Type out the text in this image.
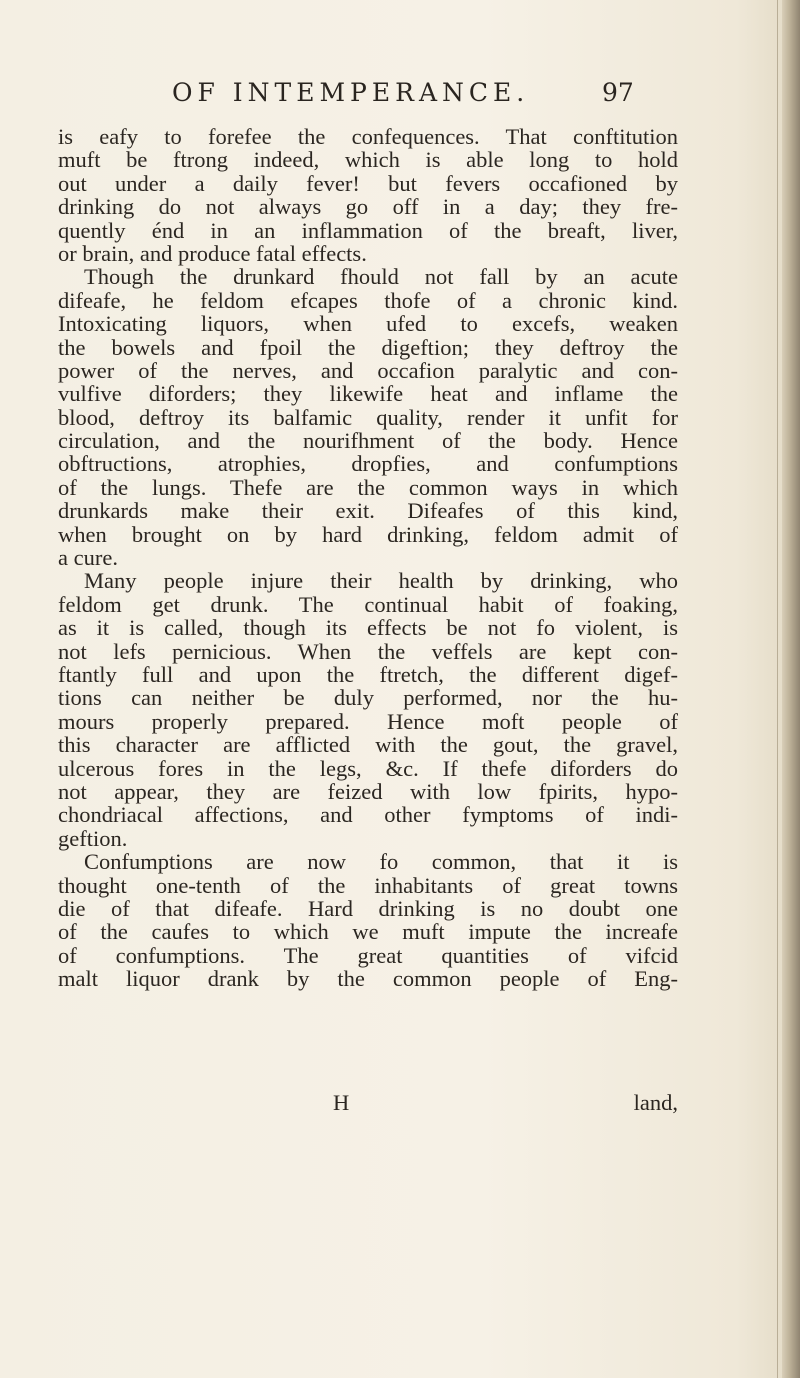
OF INTEMPERANCE.	97
is eafy to forefee the confequences. That conftitution
muft be ftrong indeed, which is able long to hold
out under a daily fever! but fevers occafioned by
drinking do not always go off in a day; they fre-
quently énd in an inflammation of the breaft, liver,
or brain, and produce fatal effects.
Though the drunkard fhould not fall by an acute
difeafe, he feldom efcapes thofe of a chronic kind.
Intoxicating liquors, when ufed to excefs, weaken
the bowels and fpoil the digeftion; they deftroy the
power of the nerves, and occafion paralytic and con-
vulfive diforders; they likewife heat and inflame the
blood, deftroy its balfamic quality, render it unfit for
circulation, and the nourifhment of the body. Hence
obftructions, atrophies, dropfies, and confumptions
of the lungs. Thefe are the common ways in which
drunkards make their exit. Difeafes of this kind,
when brought on by hard drinking, feldom admit of
a cure.
Many people injure their health by drinking, who
feldom get drunk. The continual habit of foaking,
as it is called, though its effects be not fo violent, is
not lefs pernicious. When the veffels are kept con-
ftantly full and upon the ftretch, the different digef-
tions can neither be duly performed, nor the hu-
mours properly prepared. Hence moft people of
this character are afflicted with the gout, the gravel,
ulcerous fores in the legs, &c. If thefe diforders do
not appear, they are feized with low fpirits, hypo-
chondriacal affections, and other fymptoms of indi-
geftion.
Confumptions are now fo common, that it is
thought one-tenth of the inhabitants of great towns
die of that difeafe. Hard drinking is no doubt one
of the caufes to which we muft impute the increafe
of confumptions. The great quantities of vifcid
malt liquor drank by the common people of Eng-
H	land,
